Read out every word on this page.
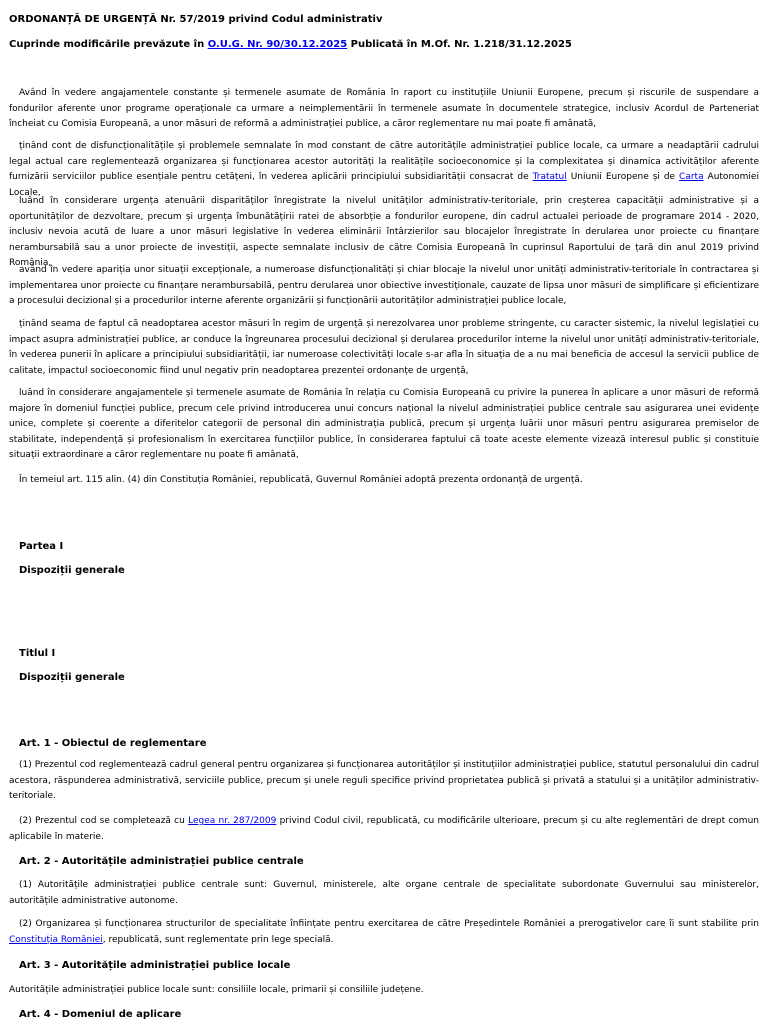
ORDONANȚĂ DE URGENȚĂ Nr. 57/2019 privind Codul administrativ
Cuprinde modificările prevăzute în O.U.G. Nr. 90/30.12.2025 Publicată în M.Of. Nr. 1.218/31.12.2025
Având în vedere angajamentele constante și termenele asumate de România în raport cu instituțiile Uniunii Europene, precum și riscurile de suspendare a fondurilor aferente unor programe operaționale ca urmare a neimplementării în termenele asumate în documentele strategice, inclusiv Acordul de Parteneriat încheiat cu Comisia Europeană, a unor măsuri de reformă a administrației publice, a căror reglementare nu mai poate fi amânată,
ținând cont de disfuncționalitățile și problemele semnalate în mod constant de către autoritățile administrației publice locale, ca urmare a neadaptării cadrului legal actual care reglementează organizarea și funcționarea acestor autorități la realitățile socioeconomice și la complexitatea și dinamica activităților aferente furnizării serviciilor publice esențiale pentru cetățeni, în vederea aplicării principiului subsidiarității consacrat de Tratatul Uniunii Europene și de Carta Autonomiei Locale,
luând în considerare urgența atenuării disparităților înregistrate la nivelul unităților administrativ-teritoriale, prin creșterea capacității administrative și a oportunităților de dezvoltare, precum și urgența îmbunătățirii ratei de absorbție a fondurilor europene, din cadrul actualei perioade de programare 2014 - 2020, inclusiv nevoia acută de luare a unor măsuri legislative în vederea eliminării întârzierilor sau blocajelor înregistrate în derularea unor proiecte cu finanțare nerambursabilă sau a unor proiecte de investiții, aspecte semnalate inclusiv de către Comisia Europeană în cuprinsul Raportului de țară din anul 2019 privind România,
având în vedere apariția unor situații excepționale, a numeroase disfuncționalități și chiar blocaje la nivelul unor unități administrativ-teritoriale în contractarea și implementarea unor proiecte cu finanțare nerambursabilă, pentru derularea unor obiective investiționale, cauzate de lipsa unor măsuri de simplificare și eficientizare a procesului decizional și a procedurilor interne aferente organizării și funcționării autorităților administrației publice locale,
ținând seama de faptul că neadoptarea acestor măsuri în regim de urgență și nerezolvarea unor probleme stringente, cu caracter sistemic, la nivelul legislației cu impact asupra administrației publice, ar conduce la îngreunarea procesului decizional și derularea procedurilor interne la nivelul unor unități administrativ-teritoriale, în vederea punerii în aplicare a principiului subsidiarității, iar numeroase colectivități locale s-ar afla în situația de a nu mai beneficia de accesul la servicii publice de calitate, impactul socioeconomic fiind unul negativ prin neadoptarea prezentei ordonanțe de urgență,
luând în considerare angajamentele și termenele asumate de România în relația cu Comisia Europeană cu privire la punerea în aplicare a unor măsuri de reformă majore în domeniul funcției publice, precum cele privind introducerea unui concurs național la nivelul administrației publice centrale sau asigurarea unei evidențe unice, complete și coerente a diferitelor categorii de personal din administrația publică, precum și urgența luării unor măsuri pentru asigurarea premiselor de stabilitate, independență și profesionalism în exercitarea funcțiilor publice, în considerarea faptului că toate aceste elemente vizează interesul public și constituie situații extraordinare a căror reglementare nu poate fi amânată,
În temeiul art. 115 alin. (4) din Constituția României, republicată, Guvernul României adoptă prezenta ordonanță de urgență.
Partea I
Dispoziții generale
Titlul I
Dispoziții generale
Art. 1 - Obiectul de reglementare
(1) Prezentul cod reglementează cadrul general pentru organizarea și funcționarea autorităților și instituțiilor administrației publice, statutul personalului din cadrul acestora, răspunderea administrativă, serviciile publice, precum și unele reguli specifice privind proprietatea publică și privată a statului și a unităților administrativ-teritoriale.
(2) Prezentul cod se completează cu Legea nr. 287/2009 privind Codul civil, republicată, cu modificările ulterioare, precum și cu alte reglementări de drept comun aplicabile în materie.
Art. 2 - Autoritățile administrației publice centrale
(1) Autoritățile administrației publice centrale sunt: Guvernul, ministerele, alte organe centrale de specialitate subordonate Guvernului sau ministerelor, autoritățile administrative autonome.
(2) Organizarea și funcționarea structurilor de specialitate înființate pentru exercitarea de către Președintele României a prerogativelor care îi sunt stabilite prin Constituția României, republicată, sunt reglementate prin lege specială.
Art. 3 - Autoritățile administrației publice locale
Autoritățile administrației publice locale sunt: consiliile locale, primarii și consiliile județene.
Art. 4 - Domeniul de aplicare
